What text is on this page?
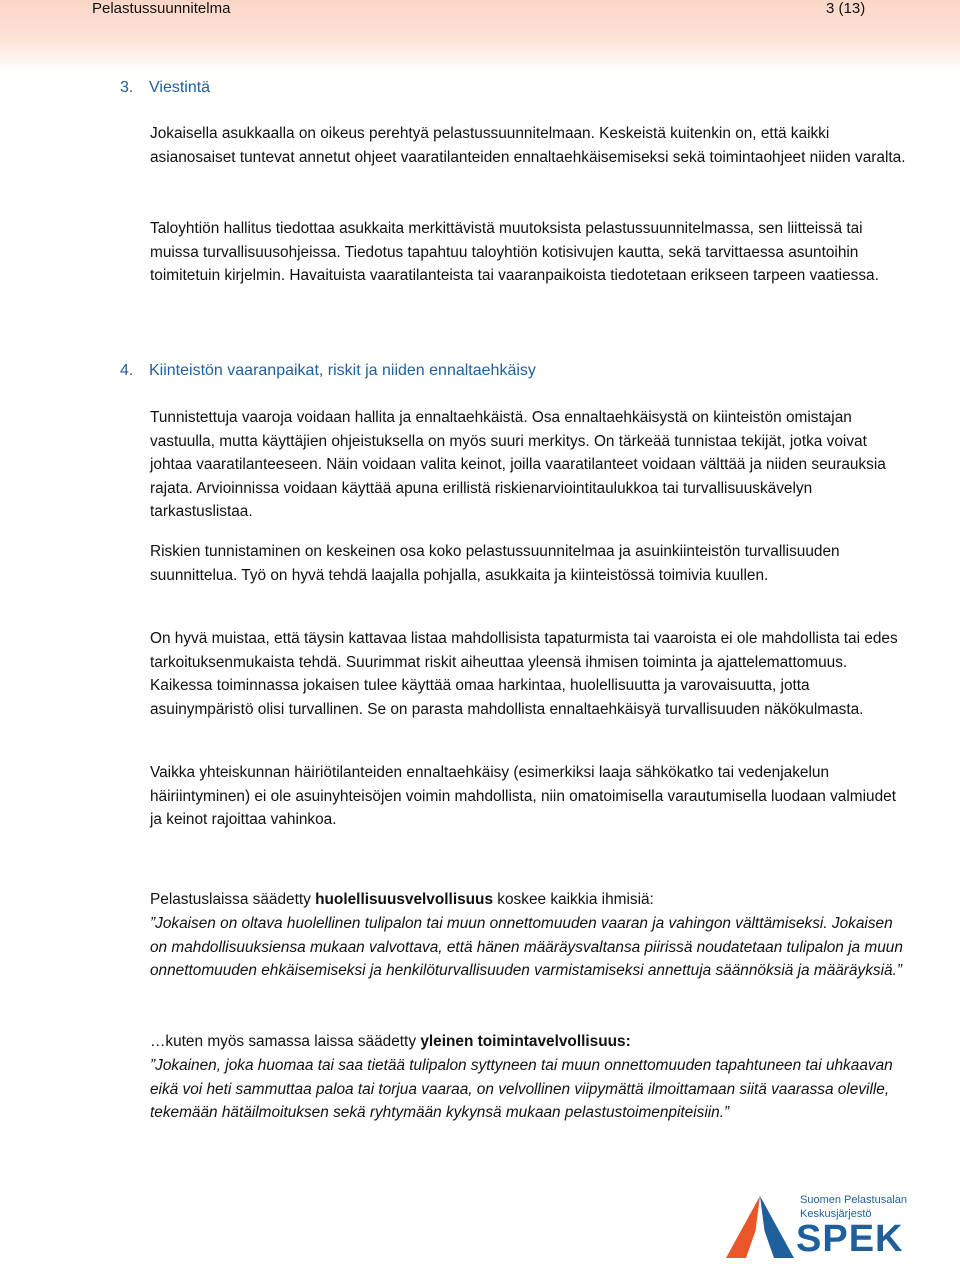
Pelastussuunnitelma	3 (13)
3. Viestintä

Jokaisella asukkaalla on oikeus perehtyä pelastussuunnitelmaan. Keskeistä kuitenkin on, että kaikki asianosaiset tuntevat annetut ohjeet vaaratilanteiden ennaltaehkäisemiseksi sekä toimintaohjeet niiden varalta.

Taloyhtiön hallitus tiedottaa asukkaita merkittävistä muutoksista pelastussuunnitelmassa, sen liitteissä tai muissa turvallisuusohjeissa. Tiedotus tapahtuu taloyhtiön kotisivujen kautta, sekä tarvittaessa asuntoihin toimitetuin kirjelmin. Havaituista vaaratilanteista tai vaaranpaikoista tiedotetaan erikseen tarpeen vaatiessa.

4. Kiinteistön vaaranpaikat, riskit ja niiden ennaltaehkäisy

Tunnistettuja vaaroja voidaan hallita ja ennaltaehkäistä. Osa ennaltaehkäisystä on kiinteistön omistajan vastuulla, mutta käyttäjien ohjeistuksella on myös suuri merkitys. On tärkeää tunnistaa tekijät, jotka voivat johtaa vaaratilanteeseen. Näin voidaan valita keinot, joilla vaaratilanteet voidaan välttää ja niiden seurauksia rajata. Arvioinnissa voidaan käyttää apuna erillistä riskienarviointitaulukkoa tai turvallisuuskävelyn tarkastuslistaa.

Riskien tunnistaminen on keskeinen osa koko pelastussuunnitelmaa ja asuinkiinteistön turvallisuuden suunnittelua. Työ on hyvä tehdä laajalla pohjalla, asukkaita ja kiinteistössä toimivia kuullen.

On hyvä muistaa, että täysin kattavaa listaa mahdollisista tapaturmista tai vaaroista ei ole mahdollista tai edes tarkoituksenmukaista tehdä. Suurimmat riskit aiheuttaa yleensä ihmisen toiminta ja ajattelemattomuus. Kaikessa toiminnassa jokaisen tulee käyttää omaa harkintaa, huolellisuutta ja varovaisuutta, jotta asuinympäristö olisi turvallinen. Se on parasta mahdollista ennaltaehkäisyä turvallisuuden näkökulmasta.

Vaikka yhteiskunnan häiriötilanteiden ennaltaehkäisy (esimerkiksi laaja sähkökatko tai vedenjakelun häiriintyminen) ei ole asuinyhteisöjen voimin mahdollista, niin omatoimisella varautumisella luodaan valmiudet ja keinot rajoittaa vahinkoa.

Pelastuslaissa säädetty huolellisuusvelvollisuus koskee kaikkia ihmisiä:

”Jokaisen on oltava huolellinen tulipalon tai muun onnettomuuden vaaran ja vahingon välttämiseksi. Jokaisen on mahdollisuuksiensa mukaan valvottava, että hänen määräysvaltansa piirissä noudatetaan tulipalon ja muun onnettomuuden ehkäisemiseksi ja henkilöturvallisuuden varmistamiseksi annettuja säännöksiä ja määräyksiä.”

…kuten myös samassa laissa säädetty yleinen toimintavelvollisuus:

”Jokainen, joka huomaa tai saa tietää tulipalon syttyneen tai muun onnettomuuden tapahtuneen tai uhkaavan eikä voi heti sammuttaa paloa tai torjua vaaraa, on velvollinen viipymättä ilmoittamaan siitä vaarassa oleville, tekemään hätäilmoituksen sekä ryhtymään kykynsä mukaan pelastustoimenpiteisiin.”

Suomen Pelastusalan
Keskusjärjestö
SPEK
